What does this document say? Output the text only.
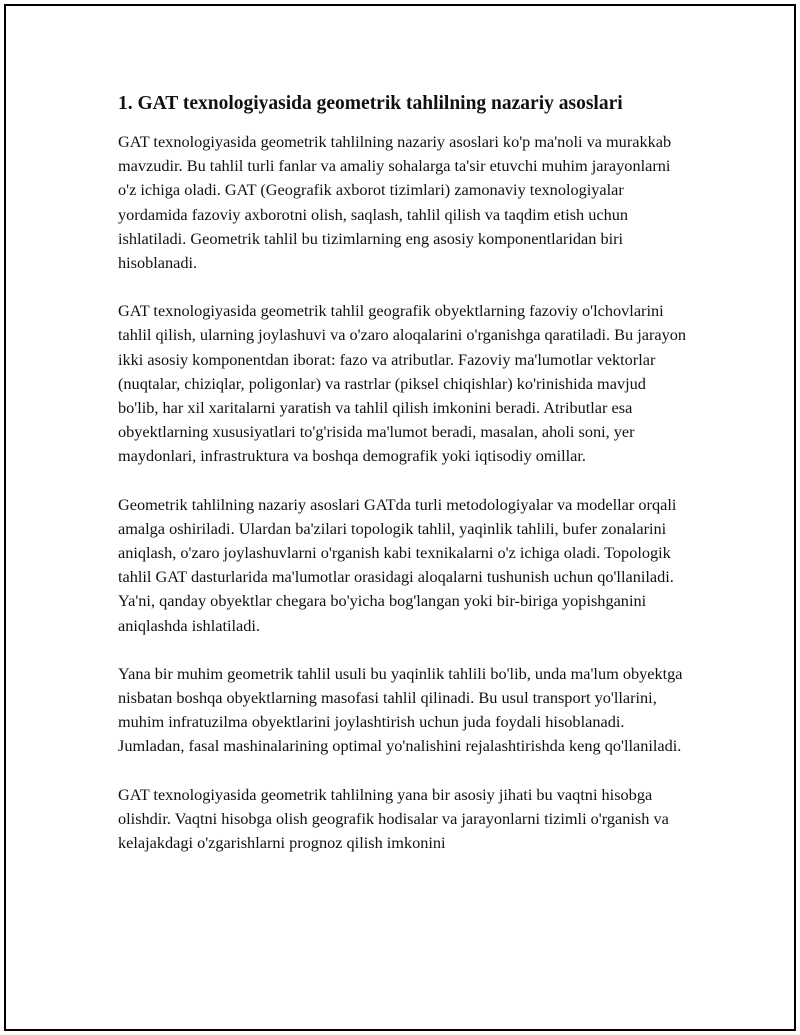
1. GAT texnologiyasida geometrik tahlilning nazariy asoslari

GAT texnologiyasida geometrik tahlilning nazariy asoslari ko'p ma'noli va murakkab mavzudir. Bu tahlil turli fanlar va amaliy sohalarga ta'sir etuvchi muhim jarayonlarni o'z ichiga oladi. GAT (Geografik axborot tizimlari) zamonaviy texnologiyalar yordamida fazoviy axborotni olish, saqlash, tahlil qilish va taqdim etish uchun ishlatiladi. Geometrik tahlil bu tizimlarning eng asosiy komponentlaridan biri hisoblanadi.

GAT texnologiyasida geometrik tahlil geografik obyektlarning fazoviy o'lchovlarini tahlil qilish, ularning joylashuvi va o'zaro aloqalarini o'rganishga qaratiladi. Bu jarayon ikki asosiy komponentdan iborat: fazo va atributlar. Fazoviy ma'lumotlar vektorlar (nuqtalar, chiziqlar, poligonlar) va rastrlar (piksel chiqishlar) ko'rinishida mavjud bo'lib, har xil xaritalarni yaratish va tahlil qilish imkonini beradi. Atributlar esa obyektlarning xususiyatlari to'g'risida ma'lumot beradi, masalan, aholi soni, yer maydonlari, infrastruktura va boshqa demografik yoki iqtisodiy omillar.

Geometrik tahlilning nazariy asoslari GATda turli metodologiyalar va modellar orqali amalga oshiriladi. Ulardan ba'zilari topologik tahlil, yaqinlik tahlili, bufer zonalarini aniqlash, o'zaro joylashuvlarni o'rganish kabi texnikalarni o'z ichiga oladi. Topologik tahlil GAT dasturlarida ma'lumotlar orasidagi aloqalarni tushunish uchun qo'llaniladi. Ya'ni, qanday obyektlar chegara bo'yicha bog'langan yoki bir-biriga yopishganini aniqlashda ishlatiladi.

Yana bir muhim geometrik tahlil usuli bu yaqinlik tahlili bo'lib, unda ma'lum obyektga nisbatan boshqa obyektlarning masofasi tahlil qilinadi. Bu usul transport yo'llarini, muhim infratuzilma obyektlarini joylashtirish uchun juda foydali hisoblanadi. Jumladan, fasal mashinalarining optimal yo'nalishini rejalashtirishda keng qo'llaniladi.

GAT texnologiyasida geometrik tahlilning yana bir asosiy jihati bu vaqtni hisobga olishdir. Vaqtni hisobga olish geografik hodisalar va jarayonlarni tizimli o'rganish va kelajakdagi o'zgarishlarni prognoz qilish imkonini
